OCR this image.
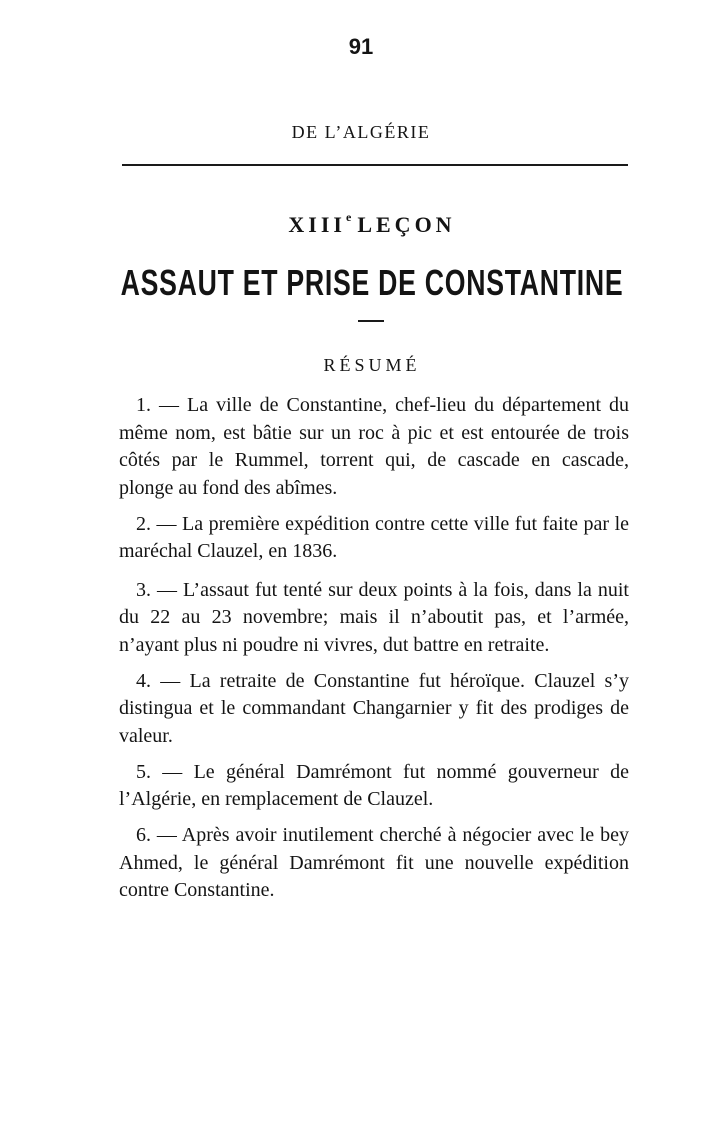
91
DE L’ALGÉRIE
XIIIe LEÇON
ASSAUT ET PRISE DE CONSTANTINE
RÉSUMÉ

1. — La ville de Constantine, chef-lieu du département du même nom, est bâtie sur un roc à pic et est entourée de trois côtés par le Rummel, torrent qui, de cascade en cascade, plonge au fond des abîmes.

2. — La première expédition contre cette ville fut faite par le maréchal Clauzel, en 1836.

3. — L’assaut fut tenté sur deux points à la fois, dans la nuit du 22 au 23 novembre; mais il n’aboutit pas, et l’armée, n’ayant plus ni poudre ni vivres, dut battre en retraite.

4. — La retraite de Constantine fut héroïque. Clauzel s’y distingua et le commandant Changarnier y fit des prodiges de valeur.

5. — Le général Damrémont fut nommé gouverneur de l’Algérie, en remplacement de Clauzel.

6. — Après avoir inutilement cherché à négocier avec le bey Ahmed, le général Damrémont fit une nouvelle expédition contre Constantine.
